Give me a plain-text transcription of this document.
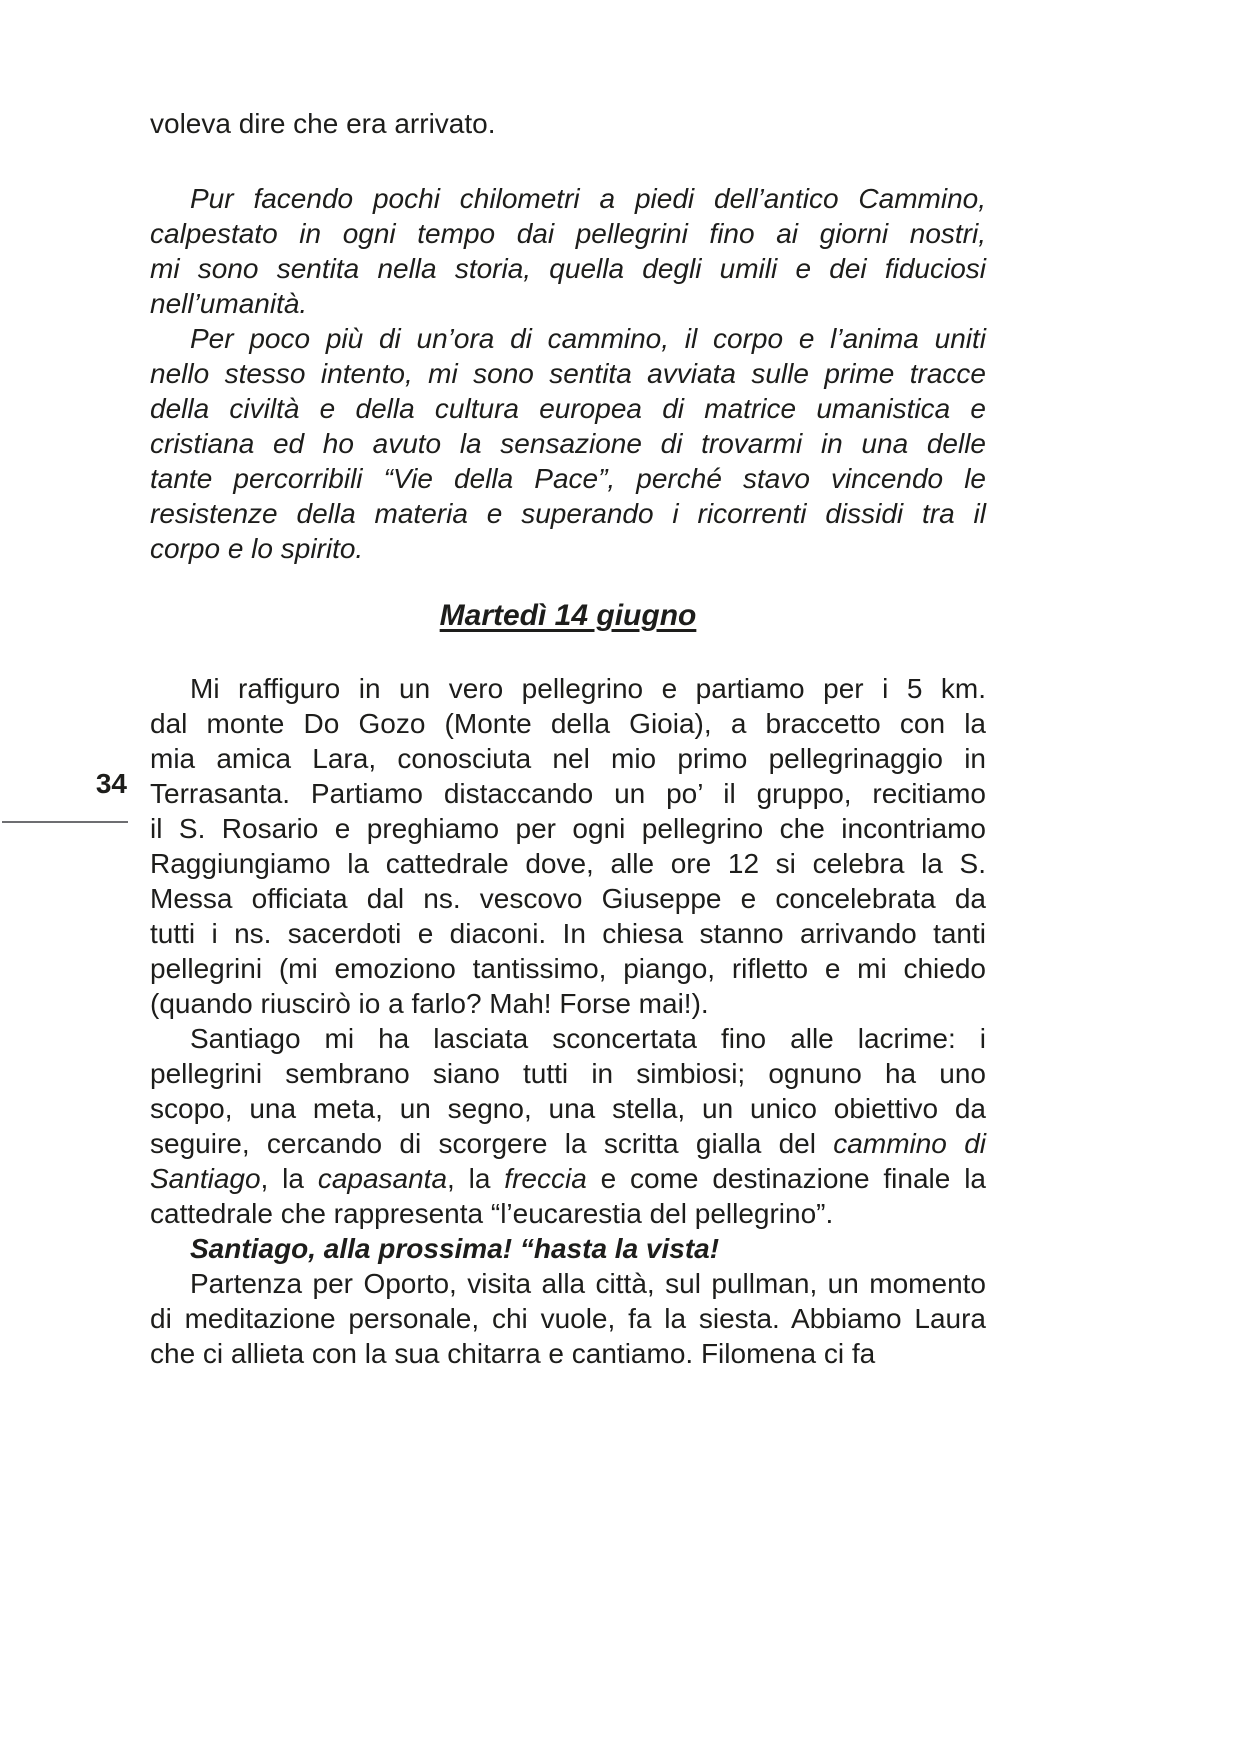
34

voleva dire che era arrivato.

Pur facendo pochi chilometri a piedi dell’antico Cammino,
calpestato in ogni tempo dai pellegrini fino ai giorni nostri,
mi sono sentita nella storia, quella degli umili e dei fiduciosi
nell’umanità.
Per poco più di un’ora di cammino, il corpo e l’anima uniti
nello stesso intento, mi sono sentita avviata sulle prime tracce
della civiltà e della cultura europea di matrice umanistica e
cristiana ed ho avuto la sensazione di trovarmi in una delle
tante percorribili “Vie della Pace”, perché stavo vincendo le
resistenze della materia e superando i ricorrenti dissidi tra il
corpo e lo spirito.
Martedì 14 giugno
Mi raffiguro in un vero pellegrino e partiamo per i 5 km.
dal monte Do Gozo (Monte della Gioia), a braccetto con la
mia amica Lara, conosciuta nel mio primo pellegrinaggio in
Terrasanta. Partiamo distaccando un po’ il gruppo, recitiamo
il S. Rosario e preghiamo per ogni pellegrino che incontriamo
Raggiungiamo la cattedrale dove, alle ore 12 si celebra la S.
Messa officiata dal ns. vescovo Giuseppe e concelebrata da
tutti i ns. sacerdoti e diaconi. In chiesa stanno arrivando tanti
pellegrini (mi emoziono tantissimo, piango, rifletto e mi chiedo
(quando riuscirò io a farlo? Mah! Forse mai!).
Santiago mi ha lasciata sconcertata fino alle lacrime: i
pellegrini sembrano siano tutti in simbiosi; ognuno ha uno
scopo, una meta, un segno, una stella, un unico obiettivo da
seguire, cercando di scorgere la scritta gialla del cammino di
Santiago, la capasanta, la freccia e come destinazione finale la
cattedrale che rappresenta “l’eucarestia del pellegrino”.

Santiago, alla prossima! “hasta la vista!

Partenza per Oporto, visita alla città, sul pullman, un momento
di meditazione personale, chi vuole, fa la siesta. Abbiamo Laura
che ci allieta con la sua chitarra e cantiamo. Filomena ci fa
